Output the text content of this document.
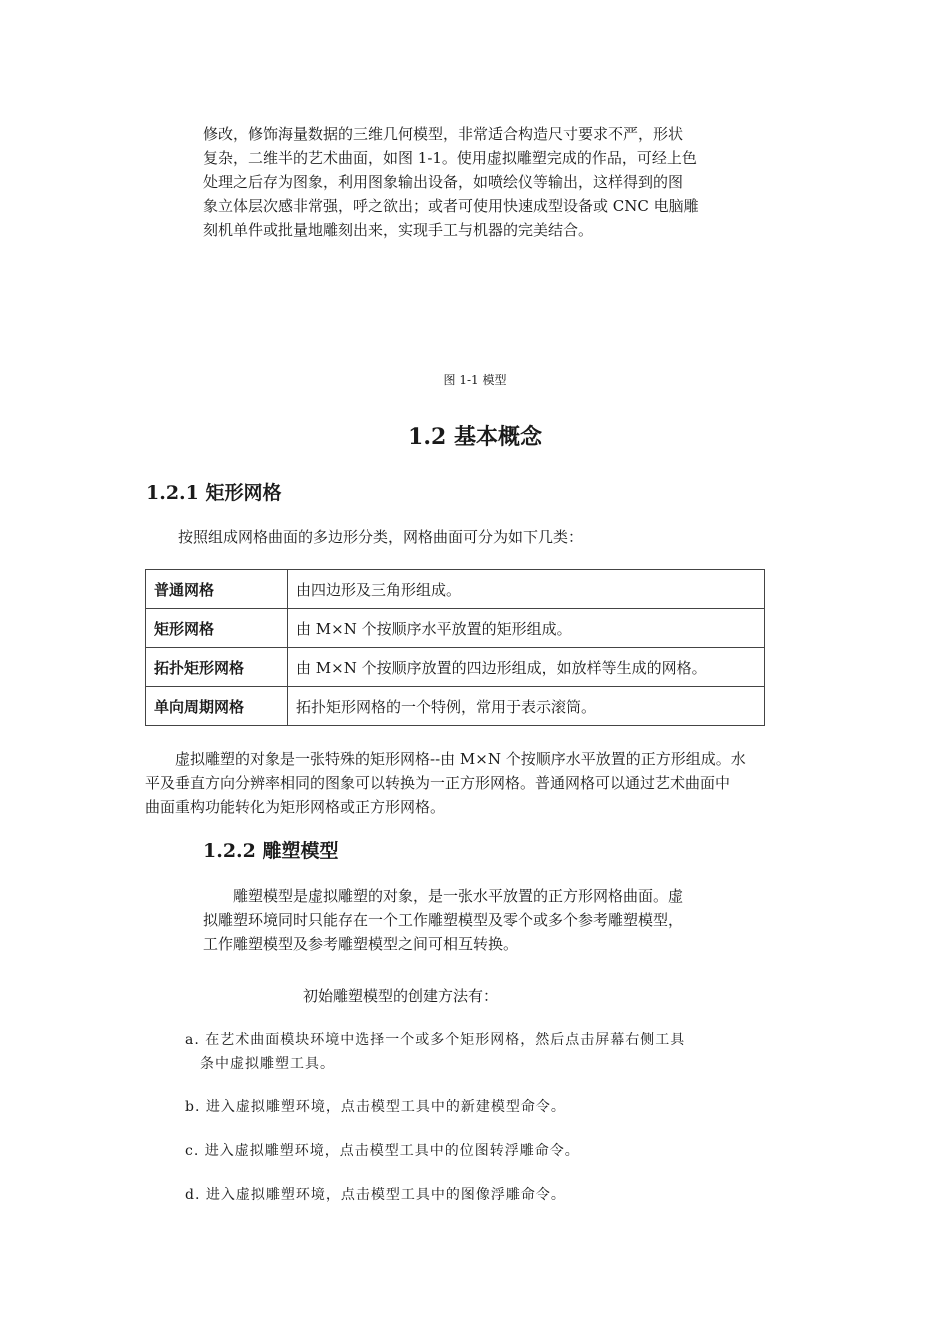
修改，修饰海量数据的三维几何模型，非常适合构造尺寸要求不严，形状
复杂，二维半的艺术曲面，如图 1-1。使用虚拟雕塑完成的作品，可经上色
处理之后存为图象，利用图象输出设备，如喷绘仪等输出，这样得到的图
象立体层次感非常强，呼之欲出；或者可使用快速成型设备或 CNC 电脑雕
刻机单件或批量地雕刻出来，实现手工与机器的完美结合。
图 1-1 模型
1.2 基本概念
1.2.1 矩形网格
按照组成网格曲面的多边形分类，网格曲面可分为如下几类：
普通网格	由四边形及三角形组成。
矩形网格	由 M×N 个按顺序水平放置的矩形组成。
拓扑矩形网格	由 M×N 个按顺序放置的四边形组成，如放样等生成的网格。
单向周期网格	拓扑矩形网格的一个特例，常用于表示滚筒。
　　虚拟雕塑的对象是一张特殊的矩形网格--由 M×N 个按顺序水平放置的正方形组成。水
平及垂直方向分辨率相同的图象可以转换为一正方形网格。普通网格可以通过艺术曲面中
曲面重构功能转化为矩形网格或正方形网格。
1.2.2 雕塑模型
　　雕塑模型是虚拟雕塑的对象，是一张水平放置的正方形网格曲面。虚
拟雕塑环境同时只能存在一个工作雕塑模型及零个或多个参考雕塑模型，
工作雕塑模型及参考雕塑模型之间可相互转换。
初始雕塑模型的创建方法有：
a. 在艺术曲面模块环境中选择一个或多个矩形网格，然后点击屏幕右侧工具
条中虚拟雕塑工具。
b. 进入虚拟雕塑环境，点击模型工具中的新建模型命令。
c. 进入虚拟雕塑环境，点击模型工具中的位图转浮雕命令。
d. 进入虚拟雕塑环境，点击模型工具中的图像浮雕命令。
